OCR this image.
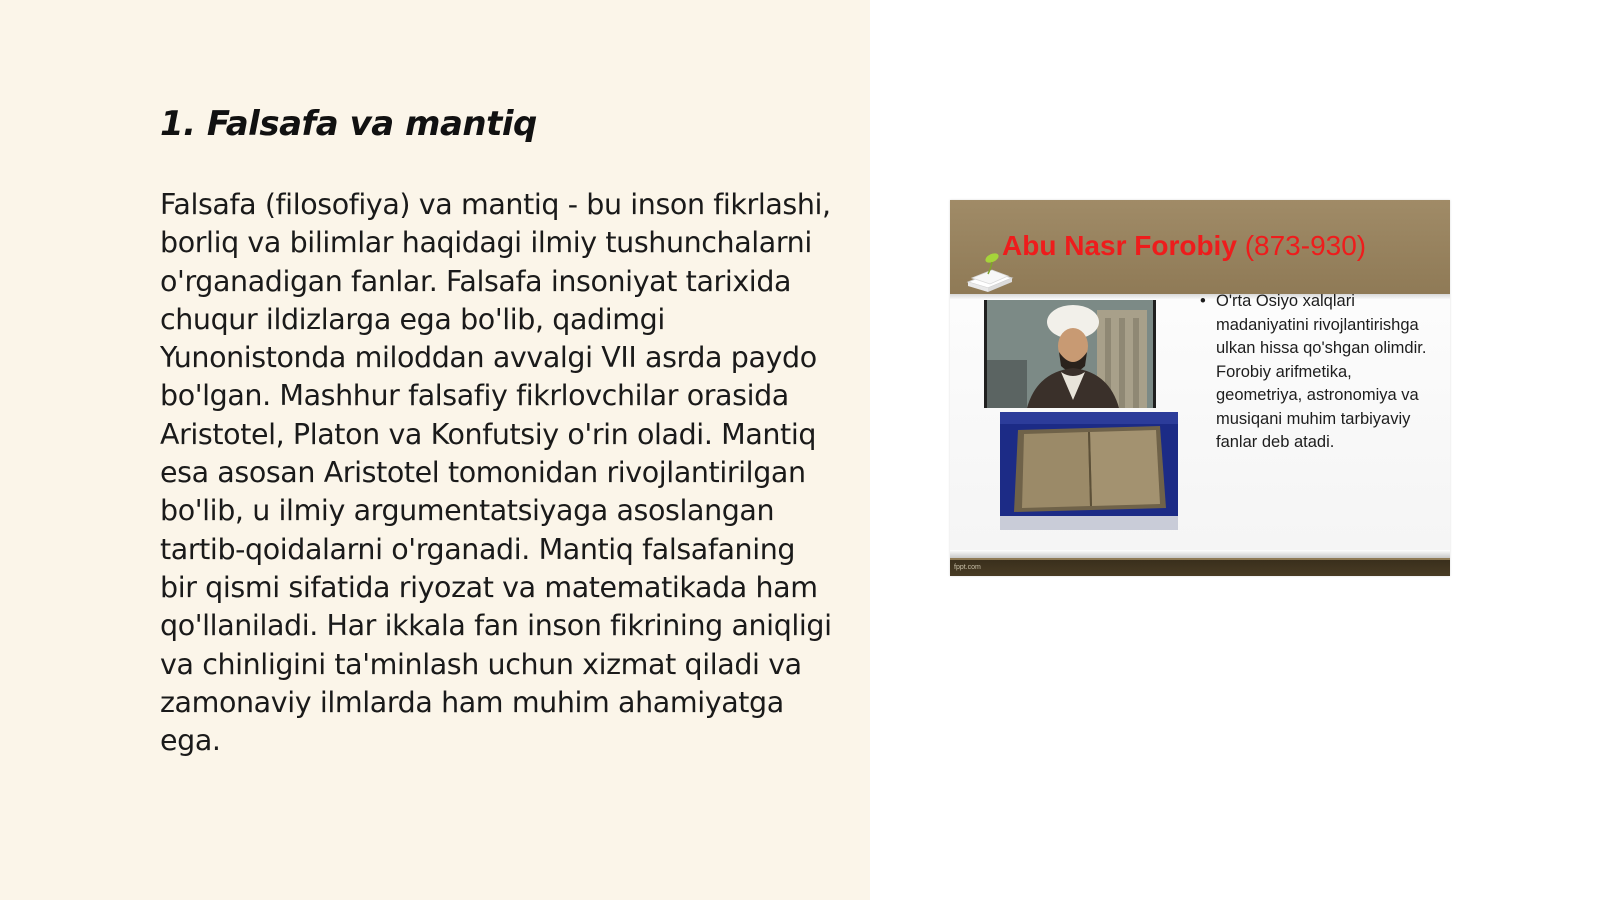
1. Falsafa va mantiq

Falsafa (filosofiya) va mantiq - bu inson fikrlashi, borliq va bilimlar haqidagi ilmiy tushunchalarni o'rganadigan fanlar. Falsafa insoniyat tarixida chuqur ildizlarga ega bo'lib, qadimgi Yunonistonda miloddan avvalgi VII asrda paydo bo'lgan. Mashhur falsafiy fikrlovchilar orasida Aristotel, Platon va Konfutsiy o'rin oladi. Mantiq esa asosan Aristotel tomonidan rivojlantirilgan bo'lib, u ilmiy argumentatsiyaga asoslangan tartib-qoidalarni o'rganadi. Mantiq falsafaning bir qismi sifatida riyozat va matematikada ham qo'llaniladi. Har ikkala fan inson fikrining aniqligi va chinligini ta'minlash uchun xizmat qiladi va zamonaviy ilmlarda ham muhim ahamiyatga ega.

Abu Nasr Forobiy (873-930)
• O'rta Osiyo xalqlari madaniyatini rivojlantirishga ulkan hissa qo'shgan olimdir. Forobiy arifmetika, geometriya, astronomiya va musiqani muhim tarbiyaviy fanlar deb atadi.
fppt.com
